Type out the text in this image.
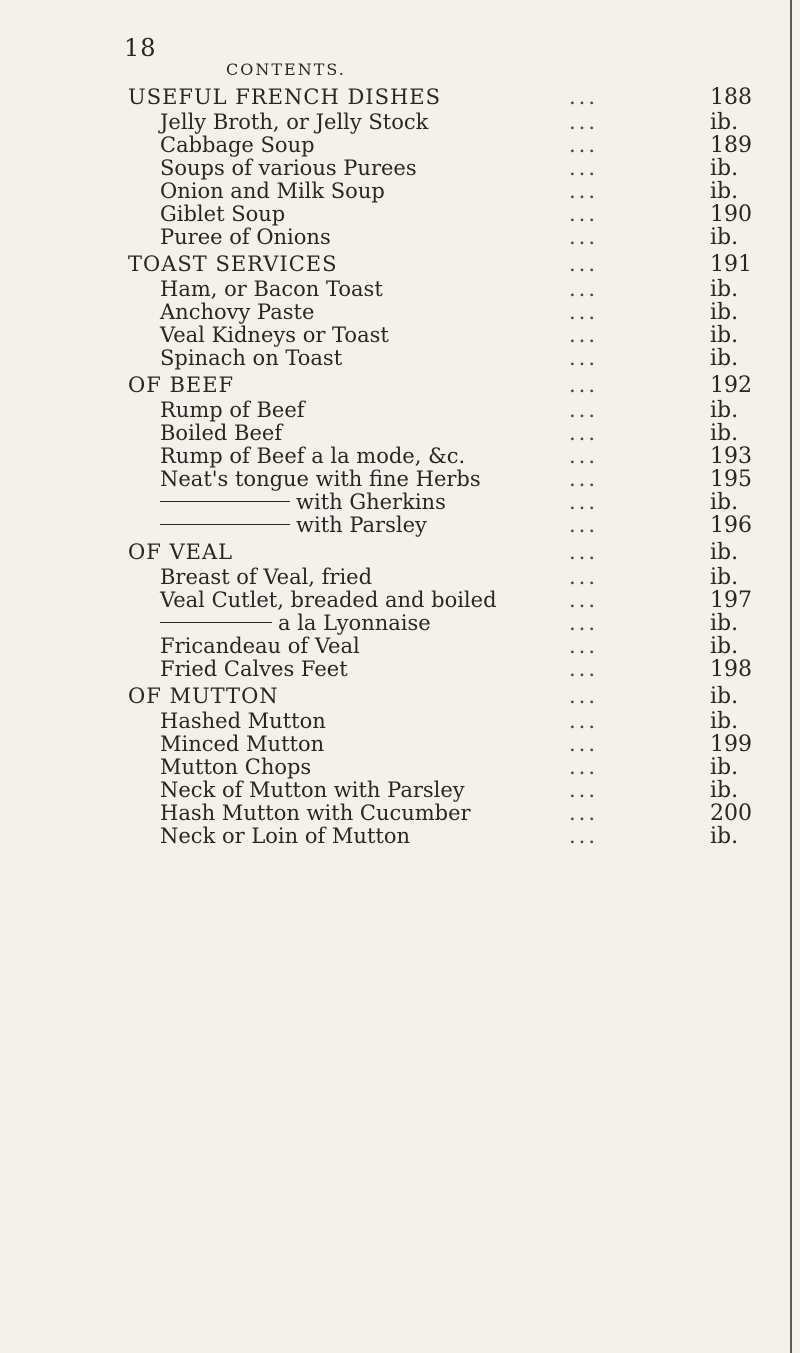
18
CONTENTS.
USEFUL FRENCH DISHES	...	188
Jelly Broth, or Jelly Stock	...	ib.
Cabbage Soup	...	189
Soups of various Purees	...	ib.
Onion and Milk Soup	...	ib.
Giblet Soup	...	190
Puree of Onions	...	ib.
TOAST SERVICES	...	191
Ham, or Bacon Toast	...	ib.
Anchovy Paste	...	ib.
Veal Kidneys or Toast	...	ib.
Spinach on Toast	...	ib.
OF BEEF	...	192
Rump of Beef	...	ib.
Boiled Beef	...	ib.
Rump of Beef a la mode, &c.	...	193
Neat's tongue with fine Herbs	...	195
with Gherkins	...	ib.
with Parsley	...	196
OF VEAL	...	ib.
Breast of Veal, fried	...	ib.
Veal Cutlet, breaded and boiled	...	197
a la Lyonnaise	...	ib.
Fricandeau of Veal	...	ib.
Fried Calves Feet	...	198
OF MUTTON	...	ib.
Hashed Mutton	...	ib.
Minced Mutton	...	199
Mutton Chops	...	ib.
Neck of Mutton with Parsley	...	ib.
Hash Mutton with Cucumber	...	200
Neck or Loin of Mutton	...	ib.
